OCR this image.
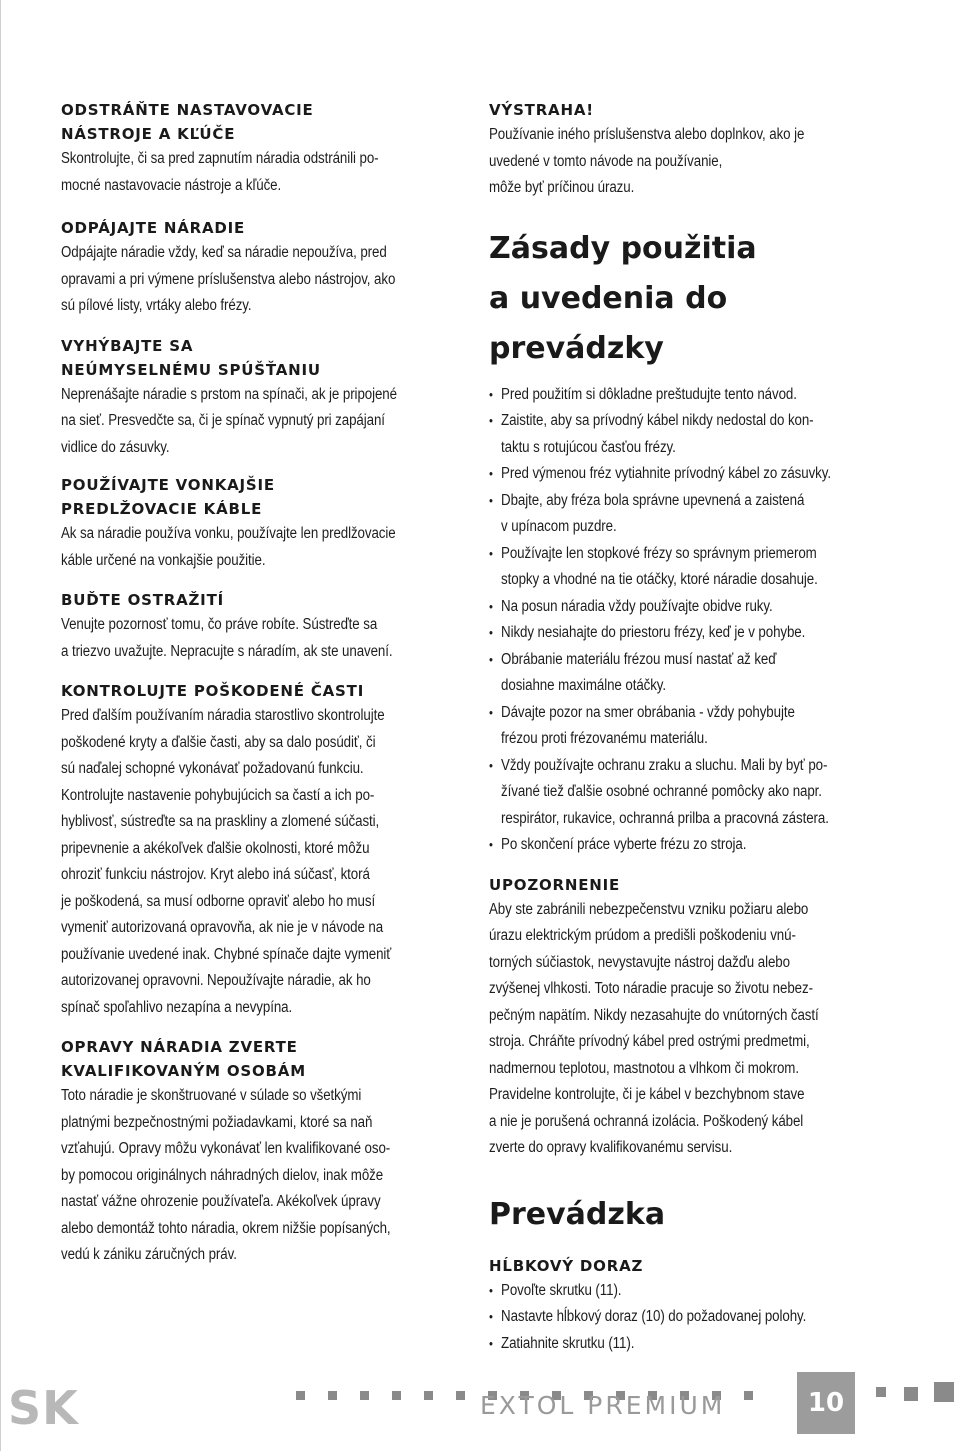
ODSTRÁŇTE NASTAVOVACIE
NÁSTROJE A KĽÚČE
Skontrolujte, či sa pred zapnutím náradia odstránili po-
mocné nastavovacie nástroje a kľúče.
ODPÁJAJTE NÁRADIE
Odpájajte náradie vždy, keď sa náradie nepoužíva, pred
opravami a pri výmene príslušenstva alebo nástrojov, ako
sú pílové listy, vrtáky alebo frézy.
VYHÝBAJTE SA
NEÚMYSELNÉMU SPÚŠŤANIU
Neprenášajte náradie s prstom na spínači, ak je pripojené
na sieť. Presvedčte sa, či je spínač vypnutý pri zapájaní
vidlice do zásuvky.
POUŽÍVAJTE VONKAJŠIE
PREDLŽOVACIE KÁBLE
Ak sa náradie používa vonku, používajte len predlžovacie
káble určené na vonkajšie použitie.
BUĎTE OSTRAŽITÍ
Venujte pozornosť tomu, čo práve robíte. Sústreďte sa
a triezvo uvažujte. Nepracujte s náradím, ak ste unavení.
KONTROLUJTE POŠKODENÉ ČASTI
Pred ďalším používaním náradia starostlivo skontrolujte
poškodené kryty a ďalšie časti, aby sa dalo posúdiť, či
sú naďalej schopné vykonávať požadovanú funkciu.
Kontrolujte nastavenie pohybujúcich sa častí a ich po-
hyblivosť, sústreďte sa na praskliny a zlomené súčasti,
pripevnenie a akékoľvek ďalšie okolnosti, ktoré môžu
ohroziť funkciu nástrojov. Kryt alebo iná súčasť, ktorá
je poškodená, sa musí odborne opraviť alebo ho musí
vymeniť autorizovaná opravovňa, ak nie je v návode na
používanie uvedené inak. Chybné spínače dajte vymeniť
autorizovanej opravovni. Nepoužívajte náradie, ak ho
spínač spoľahlivo nezapína a nevypína.
OPRAVY NÁRADIA ZVERTE
KVALIFIKOVANÝM OSOBÁM
Toto náradie je skonštruované v súlade so všetkými
platnými bezpečnostnými požiadavkami, ktoré sa naň
vzťahujú. Opravy môžu vykonávať len kvalifikované oso-
by pomocou originálnych náhradných dielov, inak môže
nastať vážne ohrozenie používateľa. Akékoľvek úpravy
alebo demontáž tohto náradia, okrem nižšie popísaných,
vedú k zániku záručných práv.
VÝSTRAHA!
Používanie iného príslušenstva alebo doplnkov, ako je
uvedené v tomto návode na používanie,
môže byť príčinou úrazu.
Zásady použitia
a uvedenia do prevádzky
• Pred použitím si dôkladne preštudujte tento návod.
• Zaistite, aby sa prívodný kábel nikdy nedostal do kon-
taktu s rotujúcou časťou frézy.
• Pred výmenou fréz vytiahnite prívodný kábel zo zásuvky.
• Dbajte, aby fréza bola správne upevnená a zaistená
v upínacom puzdre.
• Používajte len stopkové frézy so správnym priemerom
stopky a vhodné na tie otáčky, ktoré náradie dosahuje.
• Na posun náradia vždy používajte obidve ruky.
• Nikdy nesiahajte do priestoru frézy, keď je v pohybe.
• Obrábanie materiálu frézou musí nastať až keď
dosiahne maximálne otáčky.
• Dávajte pozor na smer obrábania - vždy pohybujte
frézou proti frézovanému materiálu.
• Vždy používajte ochranu zraku a sluchu. Mali by byť po-
žívané tiež ďalšie osobné ochranné pomôcky ako napr.
respirátor, rukavice, ochranná prilba a pracovná zástera.
• Po skončení práce vyberte frézu zo stroja.
UPOZORNENIE
Aby ste zabránili nebezpečenstvu vzniku požiaru alebo
úrazu elektrickým prúdom a predišli poškodeniu vnú-
torných súčiastok, nevystavujte nástroj dažďu alebo
zvýšenej vlhkosti. Toto náradie pracuje so životu nebez-
pečným napätím. Nikdy nezasahujte do vnútorných častí
stroja. Chráňte prívodný kábel pred ostrými predmetmi,
nadmernou teplotou, mastnotou a vlhkom či mokrom.
Pravidelne kontrolujte, či je kábel v bezchybnom stave
a nie je porušená ochranná izolácia. Poškodený kábel
zverte do opravy kvalifikovanému servisu.
Prevádzka
HĹBKOVÝ DORAZ
• Povoľte skrutku (11).
• Nastavte hĺbkový doraz (10) do požadovanej polohy.
• Zatiahnite skrutku (11).
SK	EXTOL PREMIUM	10
